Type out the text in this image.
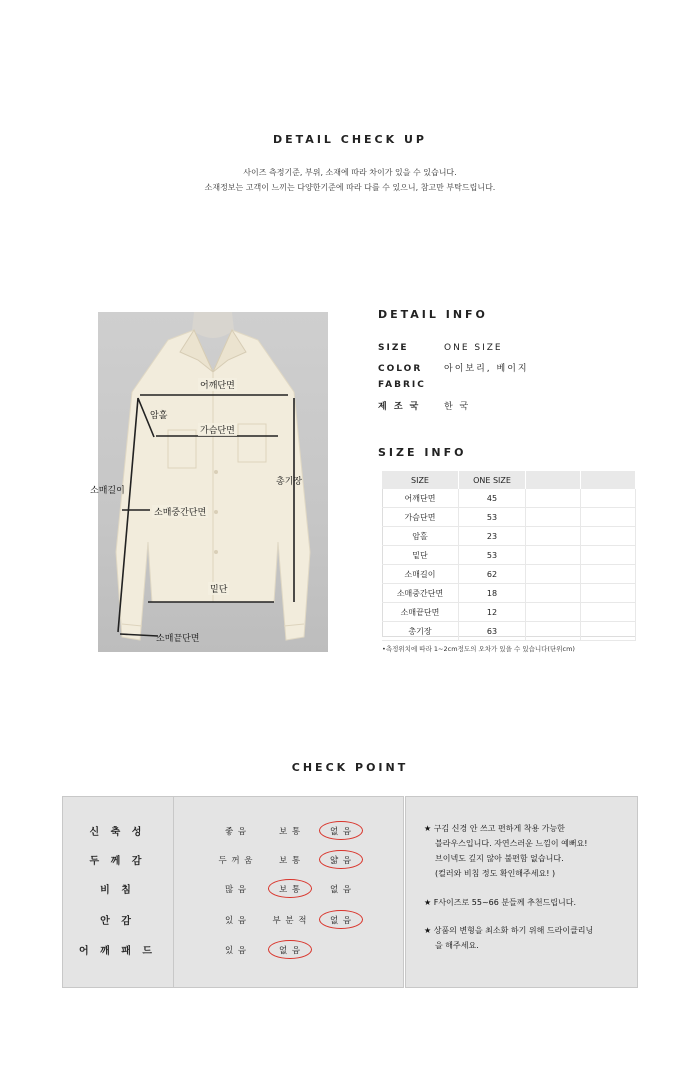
DETAIL CHECK UP
사이즈 측정기준, 부위, 소재에 따라 차이가 있을 수 있습니다.
소재정보는 고객이 느끼는 다양한기준에 따라 다를 수 있으니, 참고만 부탁드립니다.
어깨단면
암홀
가슴단면
총기장
소매중간단면
밑단
소매길이
소매끝단면
DETAIL INFO
SIZE	ONE SIZE
COLOR 아이보리, 베이지
FABRIC
제 조 국	한 국
SIZE INFO
SIZE	ONE SIZE		
어깨단면	45		
가슴단면	53		
암홀	23		
밑단	53		
소매길이	62		
소매중간단면	18		
소매끝단면	12		
총기장	63		
•측정위치에 따라 1~2cm정도의 오차가 있을 수 있습니다(단위cm)
CHECK POINT
신 축 성	좋 음	보 통	없 음
두 께 감	두 꺼 움	보 통	얇 음
비 침	많 음	보 통	없 음
안 감	있 음	부 분 적	없 음
어 깨 패 드	있 음	없 음
★ 구김 신경 안 쓰고 편하게 착용 가능한
블라우스입니다. 자연스러운 느낌이 예뻐요!
브이넥도 깊지 않아 불편함 없습니다.
(컬러와 비침 정도 확인해주세요! )
★ F사이즈로 55~66 분들께 추천드립니다.
★ 상품의 변형을 최소화 하기 위해 드라이클리닝
을 해주세요.
